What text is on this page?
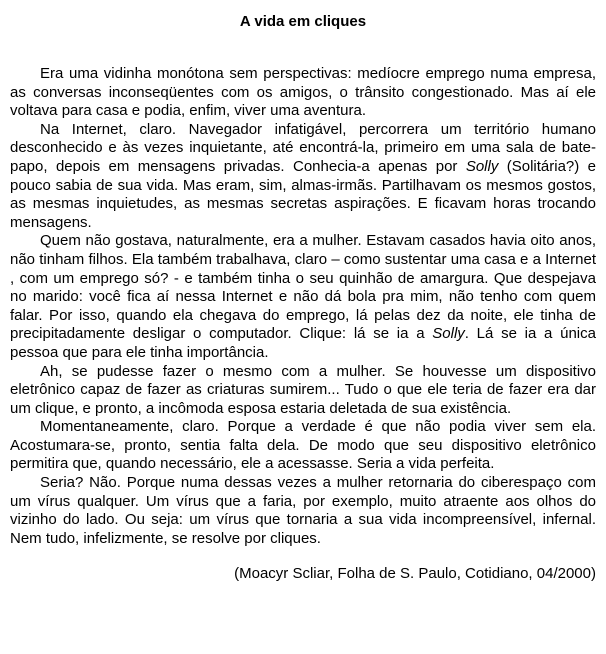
A vida em cliques

Era uma vidinha monótona sem perspectivas: medíocre emprego numa empresa, as conversas inconseqüentes com os amigos, o trânsito congestionado. Mas aí ele voltava para casa e podia, enfim, viver uma aventura.

Na Internet, claro. Navegador infatigável, percorrera um território humano desconhecido e às vezes inquietante, até encontrá-la, primeiro em uma sala de bate-papo, depois em mensagens privadas. Conhecia-a apenas por Solly (Solitária?) e pouco sabia de sua vida. Mas eram, sim, almas-irmãs. Partilhavam os mesmos gostos, as mesmas inquietudes, as mesmas secretas aspirações. E ficavam horas trocando mensagens.

Quem não gostava, naturalmente, era a mulher. Estavam casados havia oito anos, não tinham filhos. Ela também trabalhava, claro – como sustentar uma casa e a Internet , com um emprego só? - e também tinha o seu quinhão de amargura. Que despejava no marido: você fica aí nessa Internet e não dá bola pra mim, não tenho com quem falar. Por isso, quando ela chegava do emprego, lá pelas dez da noite, ele tinha de precipitadamente desligar o computador. Clique: lá se ia a Solly. Lá se ia a única pessoa que para ele tinha importância.

Ah, se pudesse fazer o mesmo com a mulher. Se houvesse um dispositivo eletrônico capaz de fazer as criaturas sumirem... Tudo o que ele teria de fazer era dar um clique, e pronto, a incômoda esposa estaria deletada de sua existência.

Momentaneamente, claro. Porque a verdade é que não podia viver sem ela. Acostumara-se, pronto, sentia falta dela. De modo que seu dispositivo eletrônico permitira que, quando necessário, ele a acessasse. Seria a vida perfeita.

Seria? Não. Porque numa dessas vezes a mulher retornaria do ciberespaço com um vírus qualquer. Um vírus que a faria, por exemplo, muito atraente aos olhos do vizinho do lado. Ou seja: um vírus que tornaria a sua vida incompreensível, infernal. Nem tudo, infelizmente, se resolve por cliques.

(Moacyr Scliar, Folha de S. Paulo, Cotidiano, 04/2000)
